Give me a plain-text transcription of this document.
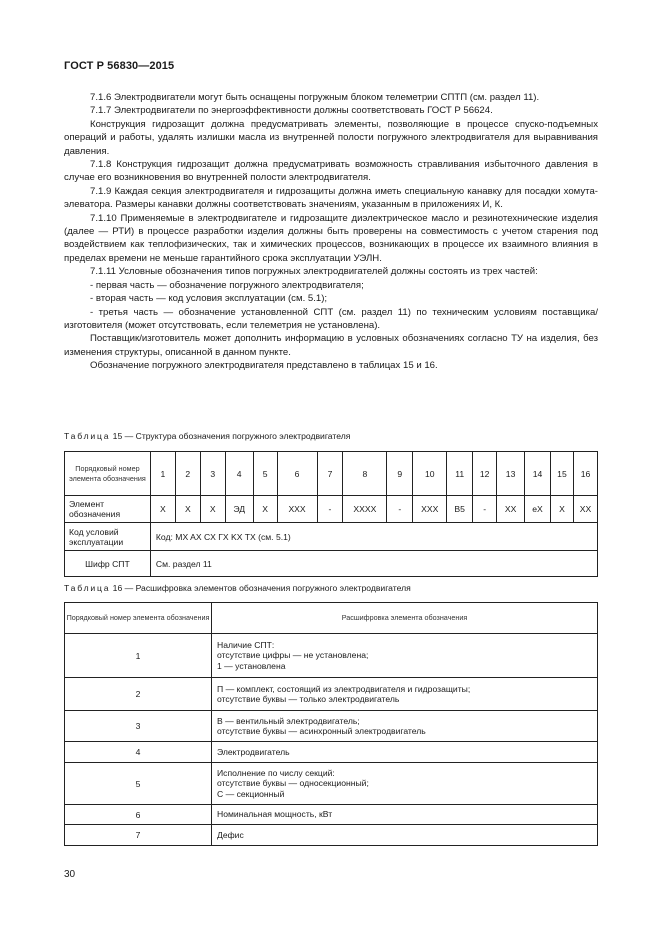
ГОСТ Р 56830—2015

7.1.6 Электродвигатели могут быть оснащены погружным блоком телеметрии СПТП (см. раздел 11).

7.1.7 Электродвигатели по энергоэффективности должны соответствовать ГОСТ Р 56624.

Конструкция гидрозащит должна предусматривать элементы, позволяющие в процессе спуско-подъемных операций и работы, удалять излишки масла из внутренней полости погружного электродвигателя для выравнивания давления.

7.1.8 Конструкция гидрозащит должна предусматривать возможность стравливания избыточного давления в случае его возникновения во внутренней полости электродвигателя.

7.1.9 Каждая секция электродвигателя и гидрозащиты должна иметь специальную канавку для посадки хомута-элеватора. Размеры канавки должны соответствовать значениям, указанным в приложениях И, К.

7.1.10 Применяемые в электродвигателе и гидрозащите диэлектрическое масло и резинотехнические изделия (далее — РТИ) в процессе разработки изделия должны быть проверены на совместимость с учетом старения под воздействием как теплофизических, так и химических процессов, возникающих в процессе их взаимного влияния в пределах времени не меньше гарантийного срока эксплуатации УЭЛН.

7.1.11 Условные обозначения типов погружных электродвигателей должны состоять из трех частей:

- первая часть — обозначение погружного электродвигателя;

- вторая часть — код условия эксплуатации (см. 5.1);

- третья часть — обозначение установленной СПТ (см. раздел 11) по техническим условиям поставщика/изготовителя (может отсутствовать, если телеметрия не установлена).

Поставщик/изготовитель может дополнить информацию в условных обозначениях согласно ТУ на изделия, без изменения структуры, описанной в данном пункте.

Обозначение погружного электродвигателя представлено в таблицах 15 и 16.

Таблица 15 — Структура обозначения погружного электродвигателя
Порядковый номер элемента обозначения	1	2	3	4	5	6	7	8	9	10	11	12	13	14	15	16
Элемент обозначения	X	X	X	ЭД	X	XXX	-	XXXX	-	XXX	B5	-	XX	eX	X	XX
Код условий эксплуатации	Код: MX AX CX ГX KX TX (см. 5.1)															
Шифр СПТ	См. раздел 11															
Таблица 16 — Расшифровка элементов обозначения погружного электродвигателя
Порядковый номер элемента обозначения	Расшифровка элемента обозначения
1	Наличие СПТ:
отсутствие цифры — не установлена;
1 — установлена

2	П — комплект, состоящий из электродвигателя и гидрозащиты;
отсутствие буквы — только электродвигатель

3	В — вентильный электродвигатель;
отсутствие буквы — асинхронный электродвигатель

4	Электродвигатель

5	Исполнение по числу секций:
отсутствие буквы — односекционный;
С — секционный

6	Номинальная мощность, кВт

7	Дефис
30
